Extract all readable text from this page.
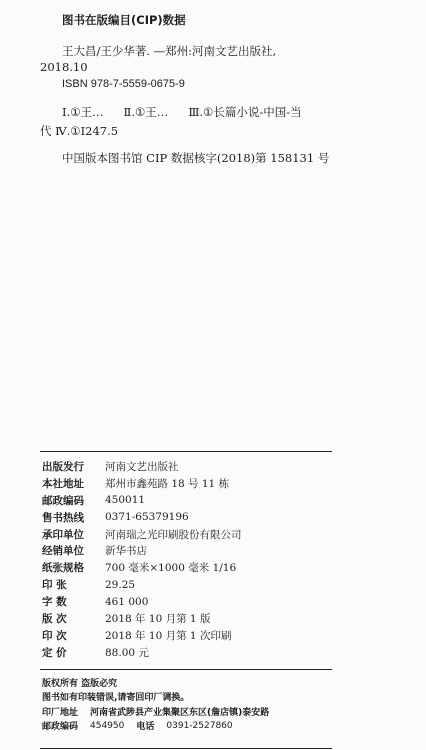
图书在版编目(CIP)数据
王大昌/王少华著. —郑州:河南文艺出版社,
2018.10
ISBN 978-7-5559-0675-9
Ⅰ.①王… Ⅱ.①王… Ⅲ.①长篇小说-中国-当
代 Ⅳ.①I247.5
中国版本图书馆 CIP 数据核字(2018)第 158131 号
出版发行	河南文艺出版社
本社地址	郑州市鑫苑路 18 号 11 栋
邮政编码	450011
售书热线	0371-65379196
承印单位	河南瑞之光印刷股份有限公司
经销单位	新华书店
纸张规格	700 毫米×1000 毫米 1/16
印 张	29.25
字 数	461 000
版 次	2018 年 10 月第 1 版
印 次	2018 年 10 月第 1 次印刷
定 价	88.00 元
版权所有 盗版必究
图书如有印装错误,请寄回印厂调换。
印厂地址 河南省武陟县产业集聚区东区(詹店镇)泰安路
邮政编码 454950 电话 0391-2527860
